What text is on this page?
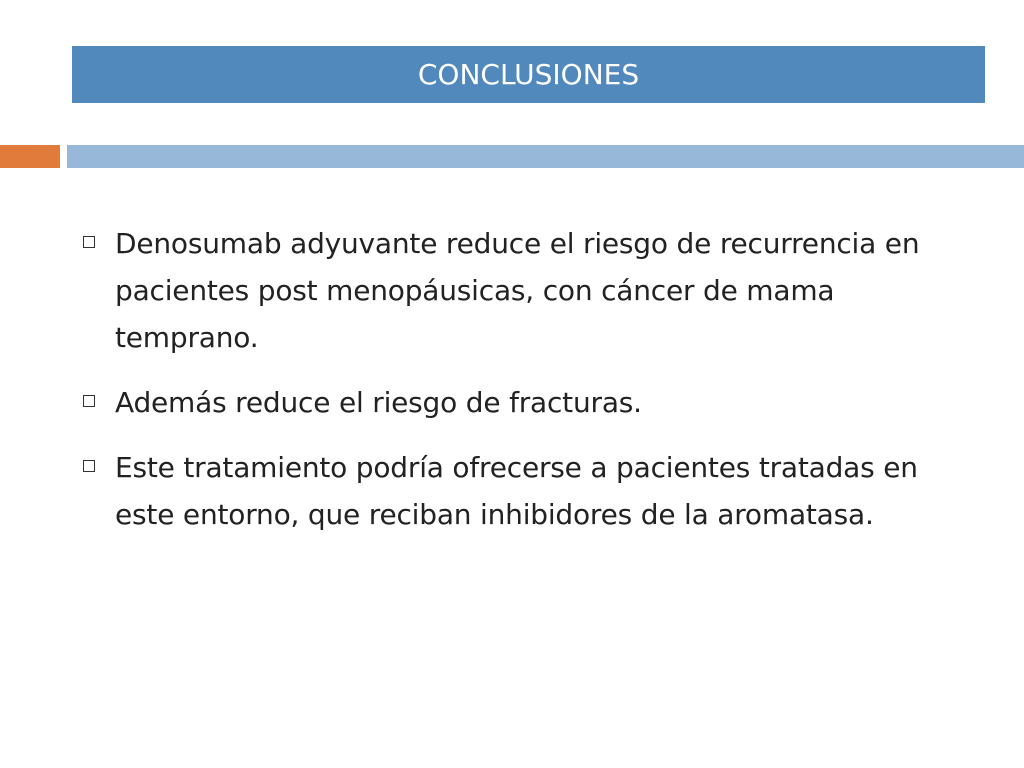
CONCLUSIONES
Denosumab adyuvante reduce el riesgo de recurrencia en pacientes post menopáusicas, con cáncer de mama temprano.
Además reduce el riesgo de fracturas.
Este tratamiento podría ofrecerse a pacientes tratadas en este entorno, que reciban inhibidores de la aromatasa.
